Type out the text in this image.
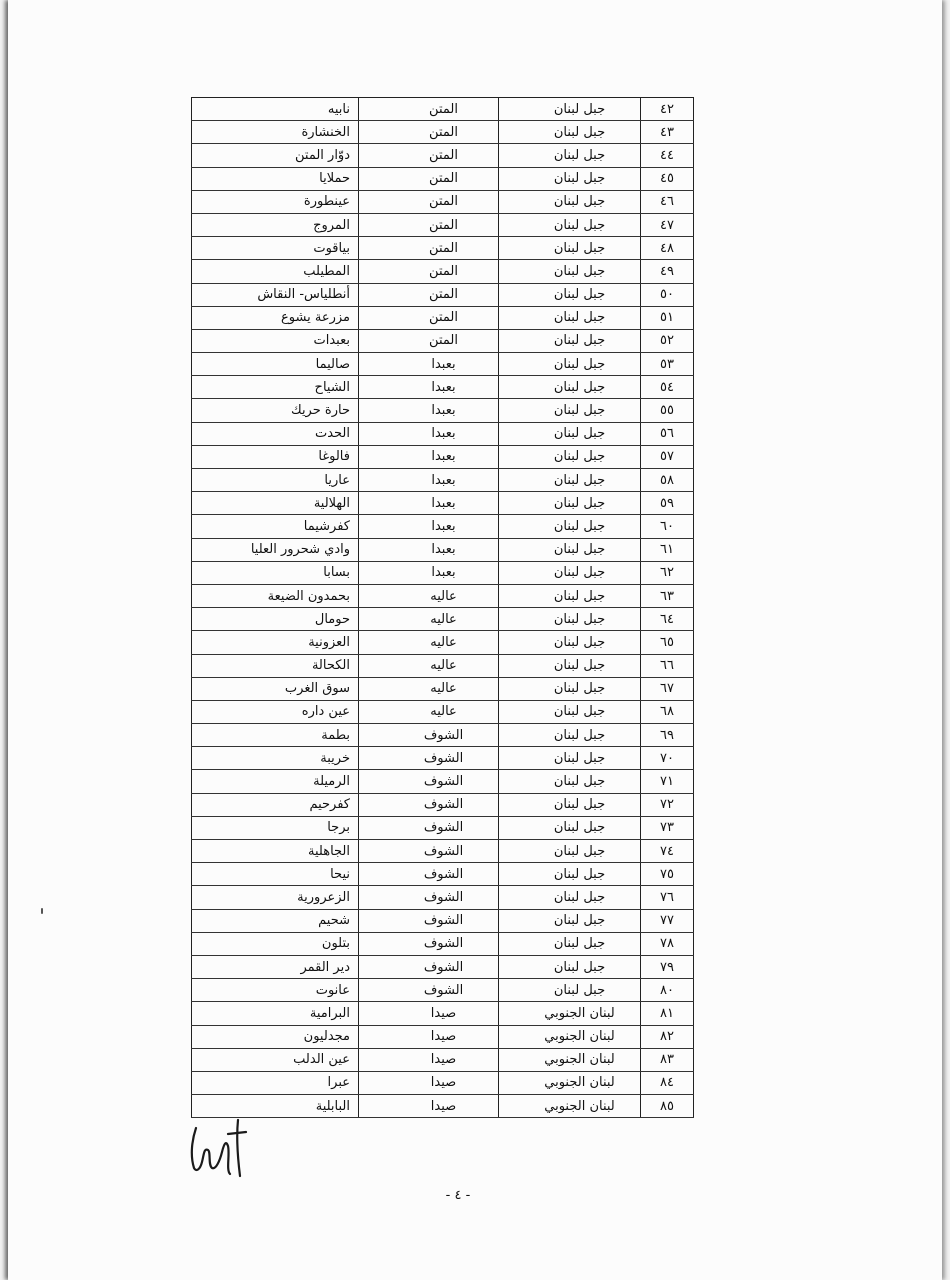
٤٢
جبل لبنان
المتن
نابيه
٤٣
جبل لبنان
المتن
الخنشارة
٤٤
جبل لبنان
المتن
دوّار المتن
٤٥
جبل لبنان
المتن
حملايا
٤٦
جبل لبنان
المتن
عينطورة
٤٧
جبل لبنان
المتن
المروج
٤٨
جبل لبنان
المتن
بياقوت
٤٩
جبل لبنان
المتن
المطيلب
٥٠
جبل لبنان
المتن
أنطلياس- النقاش
٥١
جبل لبنان
المتن
مزرعة يشوع
٥٢
جبل لبنان
المتن
بعبدات
٥٣
جبل لبنان
بعبدا
صاليما
٥٤
جبل لبنان
بعبدا
الشياح
٥٥
جبل لبنان
بعبدا
حارة حريك
٥٦
جبل لبنان
بعبدا
الحدت
٥٧
جبل لبنان
بعبدا
فالوغا
٥٨
جبل لبنان
بعبدا
عاريا
٥٩
جبل لبنان
بعبدا
الهلالية
٦٠
جبل لبنان
بعبدا
كفرشيما
٦١
جبل لبنان
بعبدا
وادي شحرور العليا
٦٢
جبل لبنان
بعبدا
بسابا
٦٣
جبل لبنان
عاليه
بحمدون الضيعة
٦٤
جبل لبنان
عاليه
حومال
٦٥
جبل لبنان
عاليه
العزونية
٦٦
جبل لبنان
عاليه
الكحالة
٦٧
جبل لبنان
عاليه
سوق الغرب
٦٨
جبل لبنان
عاليه
عين داره
٦٩
جبل لبنان
الشوف
بطمة
٧٠
جبل لبنان
الشوف
خريبة
٧١
جبل لبنان
الشوف
الرميلة
٧٢
جبل لبنان
الشوف
كفرحيم
٧٣
جبل لبنان
الشوف
برجا
٧٤
جبل لبنان
الشوف
الجاهلية
٧٥
جبل لبنان
الشوف
نيحا
٧٦
جبل لبنان
الشوف
الزعرورية
٧٧
جبل لبنان
الشوف
شحيم
٧٨
جبل لبنان
الشوف
بتلون
٧٩
جبل لبنان
الشوف
دير القمر
٨٠
جبل لبنان
الشوف
عانوت
٨١
لبنان الجنوبي
صيدا
البرامية
٨٢
لبنان الجنوبي
صيدا
مجدليون
٨٣
لبنان الجنوبي
صيدا
عين الدلب
٨٤
لبنان الجنوبي
صيدا
عبرا
٨٥
لبنان الجنوبي
صيدا
البابلية
- ٤ -
